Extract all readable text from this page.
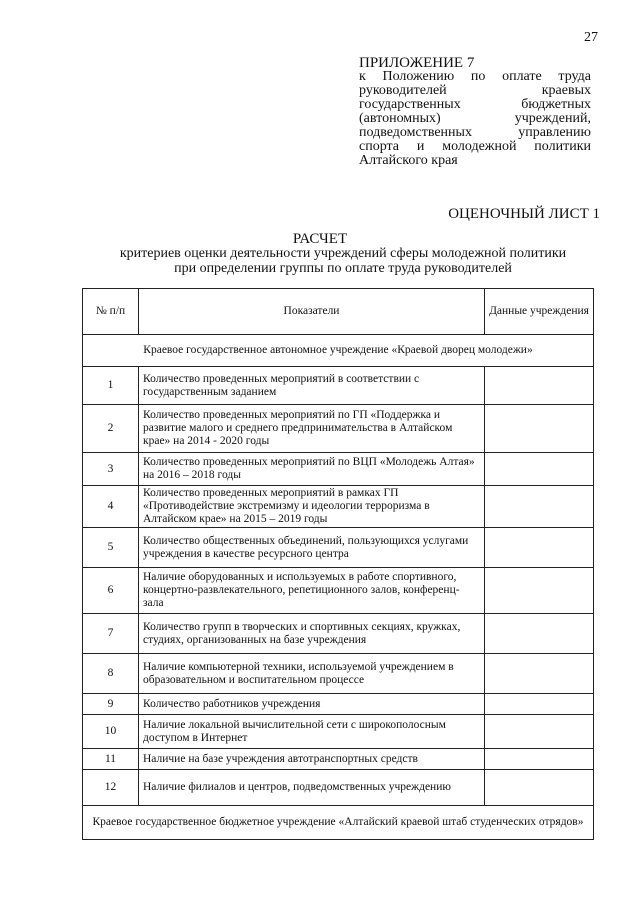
27
ПРИЛОЖЕНИЕ 7
к Положению по оплате труда руководителей краевых государственных бюджетных (автономных) учреждений, подведомственных управлению спорта и молодежной политики Алтайского края
ОЦЕНОЧНЫЙ ЛИСТ 1
РАСЧЕТ
критериев оценки деятельности учреждений сферы молодежной политики при определении группы по оплате труда руководителей
№ п/п	Показатели	Данные учреждения
Краевое государственное автономное учреждение «Краевой дворец молодежи»		
1	Количество проведенных мероприятий в соответствии с государственным заданием	
2	Количество проведенных мероприятий по ГП «Поддержка и развитие малого и среднего предпринимательства в Алтайском крае» на 2014 - 2020 годы	
3	Количество проведенных мероприятий по ВЦП «Молодежь Алтая» на 2016 – 2018 годы	
4	Количество проведенных мероприятий в рамках ГП «Противодействие экстремизму и идеологии терроризма в Алтайском крае» на 2015 – 2019 годы	
5	Количество общественных объединений, пользующихся услугами учреждения в качестве ресурсного центра	
6	Наличие оборудованных и используемых в работе спортивного, концертно-развлекательного, репетиционного залов, конференц-зала	
7	Количество групп в творческих и спортивных секциях, кружках, студиях, организованных на базе учреждения	
8	Наличие компьютерной техники, используемой учреждением в образовательном и воспитательном процессе	
9	Количество работников учреждения	
10	Наличие локальной вычислительной сети с широкополосным доступом в Интернет	
11	Наличие на базе учреждения автотранспортных средств	
12	Наличие филиалов и центров, подведомственных учреждению	
Краевое государственное бюджетное учреждение «Алтайский краевой штаб студенческих отрядов»		
